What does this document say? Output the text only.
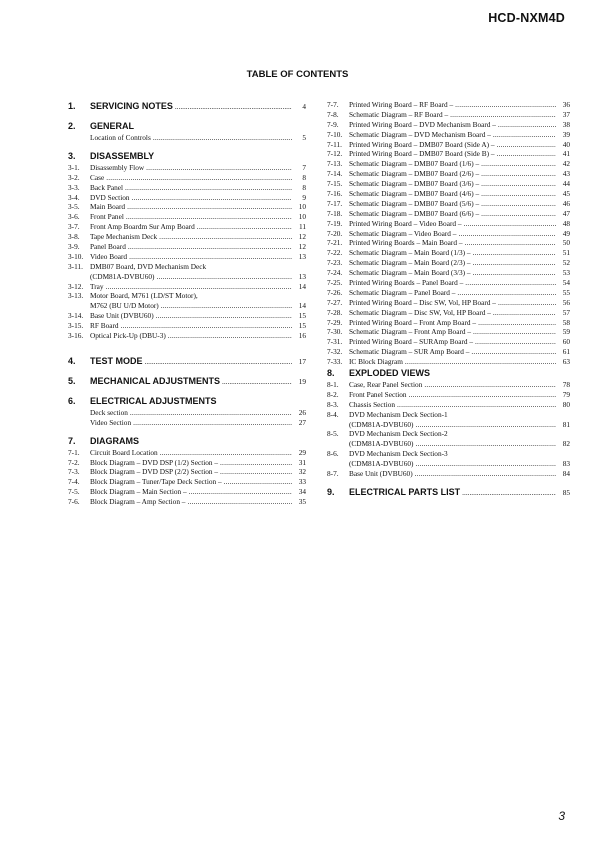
HCD-NXM4D
TABLE OF CONTENTS
1.	SERVICING NOTES .....	4
2.	GENERAL
Location of Controls .....	5
3.	DISASSEMBLY
3-1.	Disassembly Flow .....	7
3-2.	Case .....	8
3-3.	Back Panel .....	8
3-4.	DVD Section .....	9
3-5.	Main Board .....	10
3-6.	Front Panel .....	10
3-7.	Front Amp Boardm Sur Amp Board .....	11
3-8.	Tape Mechanism Deck .....	12
3-9.	Panel Board .....	12
3-10. Video Board .....	13
3-11. DMB07 Board, DVD Mechanism Deck
(CDM81A-DVBU60) .....	13
3-12. Tray .....	14
3-13. Motor Board, M761 (LD/ST Motor),
M762 (BU U/D Motor) .....	14
3-14. Base Unit (DVBU60) .....	15
3-15. RF Board .....	15
3-16. Optical Pick-Up (DBU-3) .....	16
4.	TEST MODE .....	17
5.	MECHANICAL ADJUSTMENTS .....	19
6.	ELECTRICAL ADJUSTMENTS
Deck section .....	26
Video Section .....	27
7.	DIAGRAMS
7-1.	Circuit Board Location .....	29
7-2.	Block Diagram – DVD DSP (1/2) Section – .....	31
7-3.	Block Diagram – DVD DSP (2/2) Section – .....	32
7-4.	Block Diagram – Tuner/Tape Deck Section – .....	33
7-5.	Block Diagram – Main Section – .....	34
7-6.	Block Diagram – Amp Section – .....	35
7-7.	Printed Wiring Board – RF Board – .....	36
7-8.	Schematic Diagram – RF Board – .....	37
7-9.	Printed Wiring Board – DVD Mechanism Board – .....	38
7-10. Schematic Diagram – DVD Mechanism Board – .....	39
7-11. Printed Wiring Board – DMB07 Board (Side A) – .....	40
7-12. Printed Wiring Board – DMB07 Board (Side B) – .....	41
7-13. Schematic Diagram – DMB07 Board (1/6) – .....	42
7-14. Schematic Diagram – DMB07 Board (2/6) – .....	43
7-15. Schematic Diagram – DMB07 Board (3/6) – .....	44
7-16. Schematic Diagram – DMB07 Board (4/6) – .....	45
7-17. Schematic Diagram – DMB07 Board (5/6) – .....	46
7-18. Schematic Diagram – DMB07 Board (6/6) – .....	47
7-19. Printed Wiring Board – Video Board – .....	48
7-20. Schematic Diagram – Video Board – .....	49
7-21. Printed Wiring Boards – Main Board – .....	50
7-22. Schematic Diagram – Main Board (1/3) – .....	51
7-23. Schematic Diagram – Main Board (2/3) – .....	52
7-24. Schematic Diagram – Main Board (3/3) – .....	53
7-25. Printed Wiring Boards – Panel Board – .....	54
7-26. Schematic Diagram – Panel Board – .....	55
7-27. Printed Wiring Board – Disc SW, Vol, HP Board – .....	56
7-28. Schematic Diagram – Disc SW, Vol, HP Board – .....	57
7-29. Printed Wiring Board – Front Amp Board – .....	58
7-30. Schematic Diagram – Front Amp Board – .....	59
7-31. Printed Wiring Board – SURAmp Board – .....	60
7-32. Schematic Diagram – SUR Amp Board – .....	61
7-33. IC Block Diagram .....	63
8.	EXPLODED VIEWS
8-1.	Case, Rear Panel Section .....	78
8-2.	Front Panel Section .....	79
8-3.	Chassis Section .....	80
8-4.	DVD Mechanism Deck Section-1
(CDM81A-DVBU60) .....	81
8-5.	DVD Mechanism Deck Section-2
(CDM81A-DVBU60) .....	82
8-6.	DVD Mechanism Deck Section-3
(CDM81A-DVBU60) .....	83
8-7.	Base Unit (DVBU60) .....	84
9.	ELECTRICAL PARTS LIST .....	85
3
